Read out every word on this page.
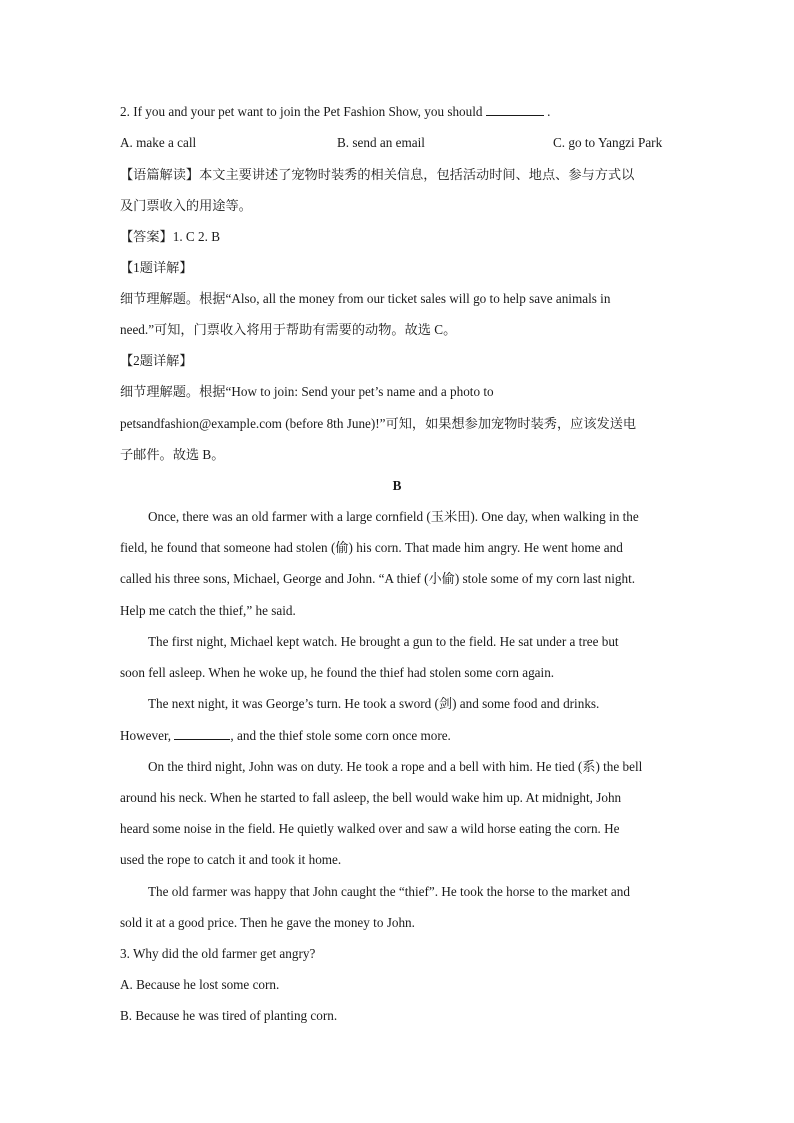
2. If you and your pet want to join the Pet Fashion Show, you should	.
A. make a call	B. send an email	C. go to Yangzi Park
【语篇解读】本文主要讲述了宠物时装秀的相关信息，包括活动时间、地点、参与方式以
及门票收入的用途等。
【答案】1. C 2. B
【1题详解】
细节理解题。根据“Also, all the money from our ticket sales will go to help save animals in
need.”可知，门票收入将用于帮助有需要的动物。故选 C。
【2题详解】
细节理解题。根据“How to join: Send your pet’s name and a photo to
petsandfashion@example.com (before 8th June)!”可知，如果想参加宠物时装秀，应该发送电
子邮件。故选 B。
B
Once, there was an old farmer with a large cornfield (玉米田). One day, when walking in the
field, he found that someone had stolen (偷) his corn. That made him angry. He went home and
called his three sons, Michael, George and John. “A thief (小偷) stole some of my corn last night.
Help me catch the thief,” he said.
The first night, Michael kept watch. He brought a gun to the field. He sat under a tree but
soon fell asleep. When he woke up, he found the thief had stolen some corn again.
The next night, it was George’s turn. He took a sword (剑) and some food and drinks.
However,	, and the thief stole some corn once more.
On the third night, John was on duty. He took a rope and a bell with him. He tied (系) the bell
around his neck. When he started to fall asleep, the bell would wake him up. At midnight, John
heard some noise in the field. He quietly walked over and saw a wild horse eating the corn. He
used the rope to catch it and took it home.
The old farmer was happy that John caught the “thief”. He took the horse to the market and
sold it at a good price. Then he gave the money to John.
3. Why did the old farmer get angry?
A. Because he lost some corn.
B. Because he was tired of planting corn.
